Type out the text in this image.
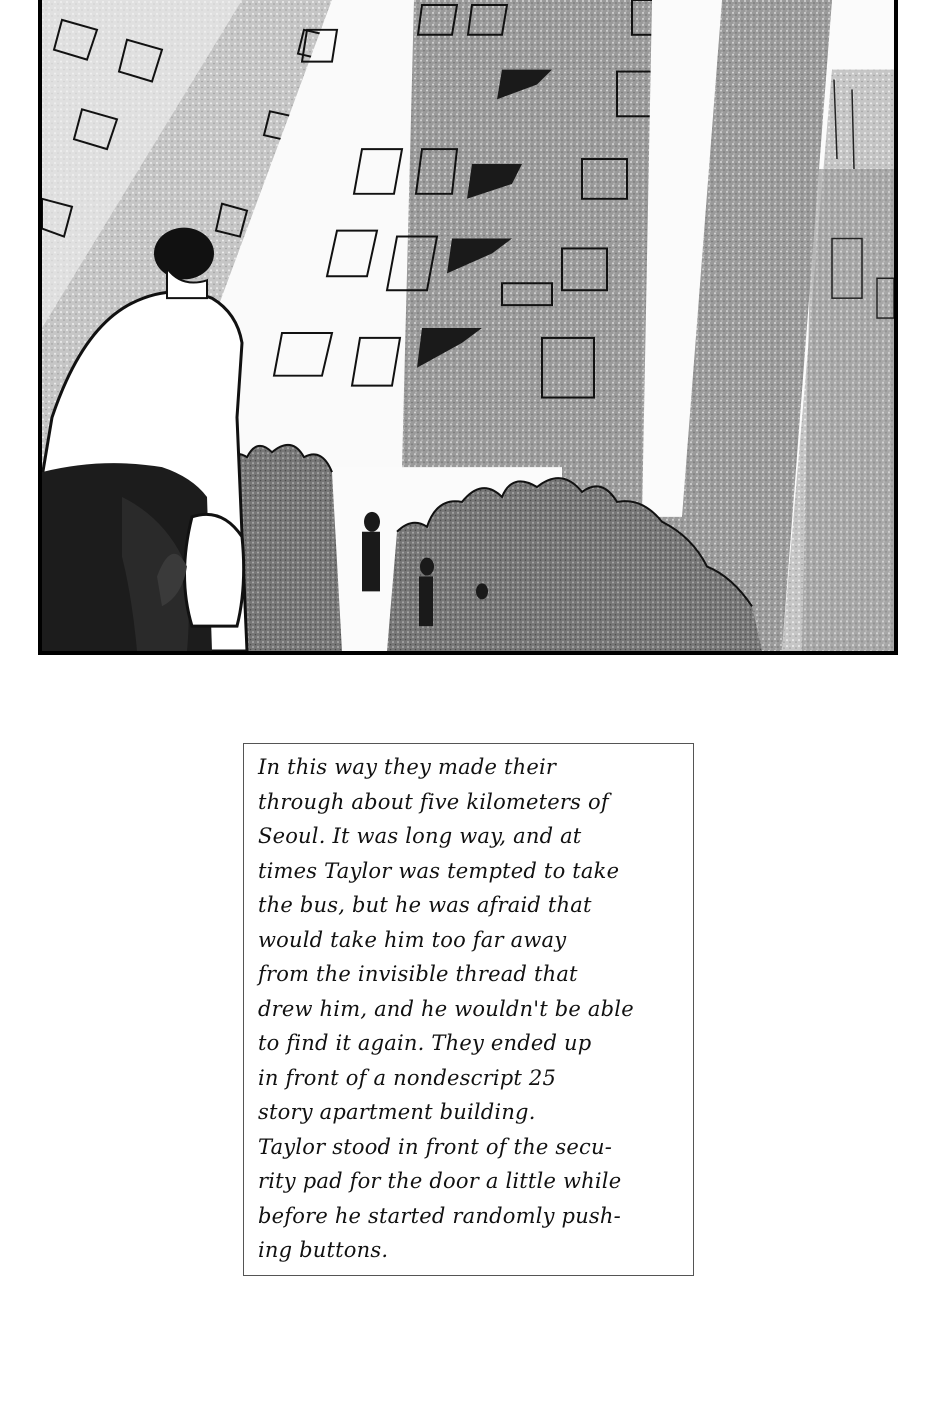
In this way they made their
through about five kilometers of
Seoul. It was long way, and at
times Taylor was tempted to take
the bus, but he was afraid that
would take him too far away
from the invisible thread that
drew him, and he wouldn't be able
to find it again. They ended up
in front of a nondescript 25
story apartment building.
Taylor stood in front of the secu-
rity pad for the door a little while
before he started randomly push-
ing buttons.
